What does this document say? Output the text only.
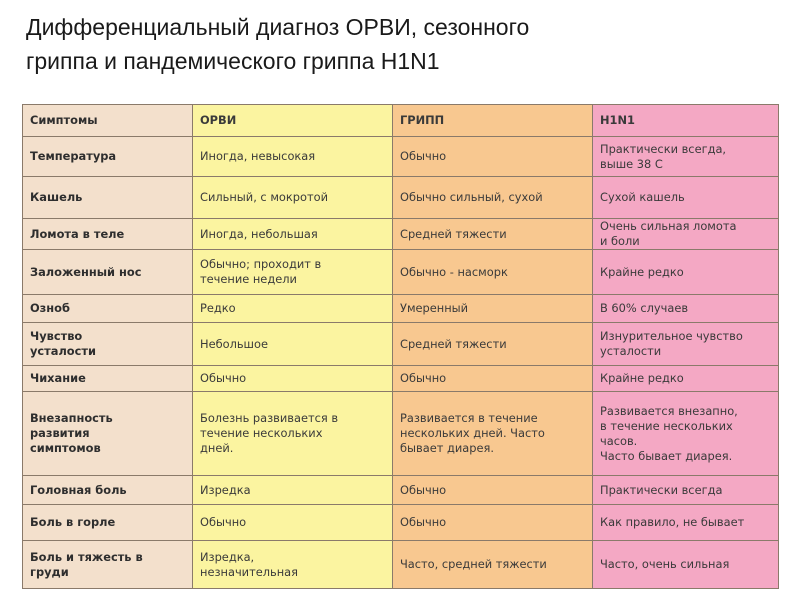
Дифференциальный диагноз ОРВИ, сезонного
гриппа и пандемического гриппа H1N1
Симптомы	ОРВИ	ГРИПП	H1N1
Температура	Иногда, невысокая	Обычно	Практически всегда,
выше 38 С
Кашель	Сильный, с мокротой	Обычно сильный, сухой	Сухой кашель
Ломота в теле	Иногда, небольшая	Средней тяжести	Очень сильная ломота
и боли
Заложенный нос	Обычно; проходит в
течение недели	Обычно - насморк	Крайне редко
Озноб	Редко	Умеренный	В 60% случаев
Чувство
усталости	Небольшое	Средней тяжести	Изнурительное чувство
усталости
Чихание	Обычно	Обычно	Крайне редко
Внезапность
развития
симптомов	Болезнь развивается в
течение нескольких
дней.	Развивается в течение
нескольких дней. Часто
бывает диарея.	Развивается внезапно,
в течение нескольких
часов.
Часто бывает диарея.
Головная боль	Изредка	Обычно	Практически всегда
Боль в горле	Обычно	Обычно	Как правило, не бывает
Боль и тяжесть в
груди	Изредка,
незначительная	Часто, средней тяжести	Часто, очень сильная
